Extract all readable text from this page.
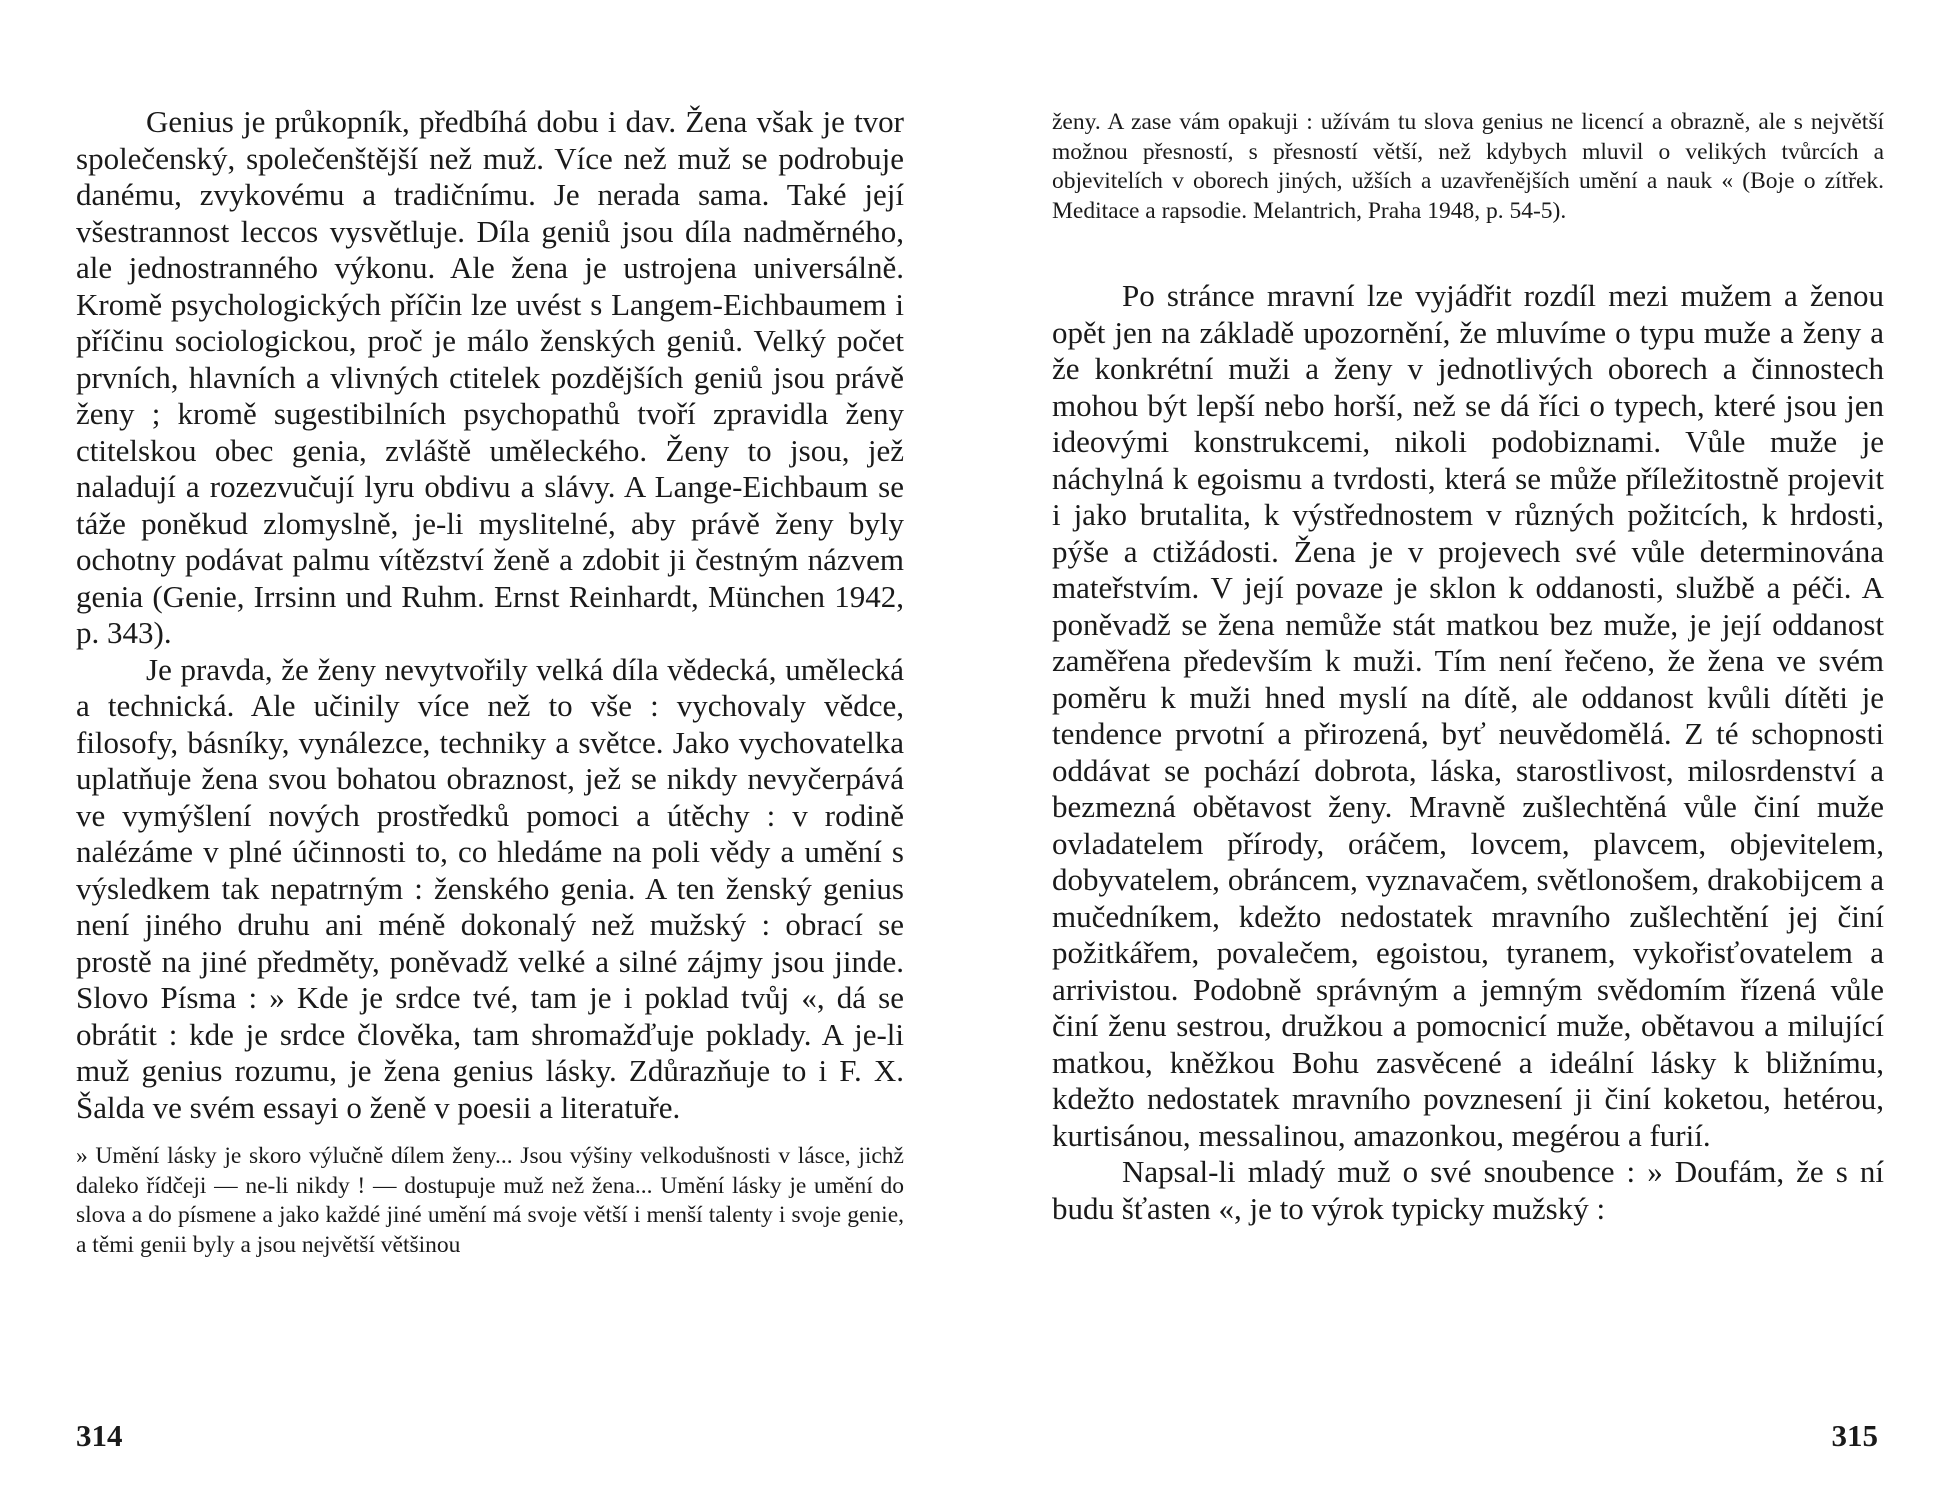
Genius je průkopník, předbíhá dobu i dav. Žena však je tvor společenský, společenštější než muž. Více než muž se podrobuje danému, zvykovému a tradičnímu. Je nerada sama. Také její všestrannost leccos vysvětluje. Díla geniů jsou díla nadměrného, ale jednostranného výkonu. Ale žena je ustrojena universálně. Kromě psychologických příčin lze uvést s Langem-Eichbaumem i příčinu sociologickou, proč je málo ženských geniů. Velký počet prvních, hlavních a vlivných ctitelek pozdějších geniů jsou právě ženy ; kromě sugestibilních psychopathů tvoří zpravidla ženy ctitelskou obec genia, zvláště uměleckého. Ženy to jsou, jež naladují a rozezvučují lyru obdivu a slávy. A Lange-Eichbaum se táže poněkud zlomyslně, je-li myslitelné, aby právě ženy byly ochotny podávat palmu vítězství ženě a zdobit ji čestným názvem genia (Genie, Irrsinn und Ruhm. Ernst Reinhardt, München 1942, p. 343).

Je pravda, že ženy nevytvořily velká díla vědecká, umělecká a technická. Ale učinily více než to vše : vychovaly vědce, filosofy, básníky, vynálezce, techniky a světce. Jako vychovatelka uplatňuje žena svou bohatou obraznost, jež se nikdy nevyčerpává ve vymýšlení nových prostředků pomoci a útěchy : v rodině nalézáme v plné účinnosti to, co hledáme na poli vědy a umění s výsledkem tak nepatrným : ženského genia. A ten ženský genius není jiného druhu ani méně dokonalý než mužský : obrací se prostě na jiné předměty, poněvadž velké a silné zájmy jsou jinde. Slovo Písma : » Kde je srdce tvé, tam je i poklad tvůj «, dá se obrátit : kde je srdce člověka, tam shromažďuje poklady. A je-li muž genius rozumu, je žena genius lásky. Zdůrazňuje to i F. X. Šalda ve svém essayi o ženě v poesii a literatuře.

» Umění lásky je skoro výlučně dílem ženy... Jsou výšiny velkodušnosti v lásce, jichž daleko řídčeji — ne-li nikdy ! — dostupuje muž než žena... Umění lásky je umění do slova a do písmene a jako každé jiné umění má svoje větší i menší talenty i svoje genie, a těmi genii byly a jsou největší většinou

314

ženy. A zase vám opakuji : užívám tu slova genius ne licencí a obrazně, ale s největší možnou přesností, s přesností větší, než kdybych mluvil o velikých tvůrcích a objevitelích v oborech jiných, užších a uzavřenějších umění a nauk « (Boje o zítřek. Meditace a rapsodie. Melantrich, Praha 1948, p. 54-5).

Po stránce mravní lze vyjádřit rozdíl mezi mužem a ženou opět jen na základě upozornění, že mluvíme o typu muže a ženy a že konkrétní muži a ženy v jednotlivých oborech a činnostech mohou být lepší nebo horší, než se dá říci o typech, které jsou jen ideovými konstrukcemi, nikoli podobiznami. Vůle muže je náchylná k egoismu a tvrdosti, která se může příležitostně projevit i jako brutalita, k výstřednostem v různých požitcích, k hrdosti, pýše a ctižádosti. Žena je v projevech své vůle determinována mateřstvím. V její povaze je sklon k oddanosti, službě a péči. A poněvadž se žena nemůže stát matkou bez muže, je její oddanost zaměřena především k muži. Tím není řečeno, že žena ve svém poměru k muži hned myslí na dítě, ale oddanost kvůli dítěti je tendence prvotní a přirozená, byť neuvědomělá. Z té schopnosti oddávat se pochází dobrota, láska, starostlivost, milosrdenství a bezmezná obětavost ženy. Mravně zušlechtěná vůle činí muže ovladatelem přírody, oráčem, lovcem, plavcem, objevitelem, dobyvatelem, obráncem, vyznavačem, světlonošem, drakobijcem a mučedníkem, kdežto nedostatek mravního zušlechtění jej činí požitkářem, povalečem, egoistou, tyranem, vykořisťovatelem a arrivistou. Podobně správným a jemným svědomím řízená vůle činí ženu sestrou, družkou a pomocnicí muže, obětavou a milující matkou, kněžkou Bohu zasvěcené a ideální lásky k bližnímu, kdežto nedostatek mravního povznesení ji činí koketou, hetérou, kurtisánou, messalinou, amazonkou, megérou a furií.

Napsal-li mladý muž o své snoubence : » Doufám, že s ní budu šťasten «, je to výrok typicky mužský :

315
